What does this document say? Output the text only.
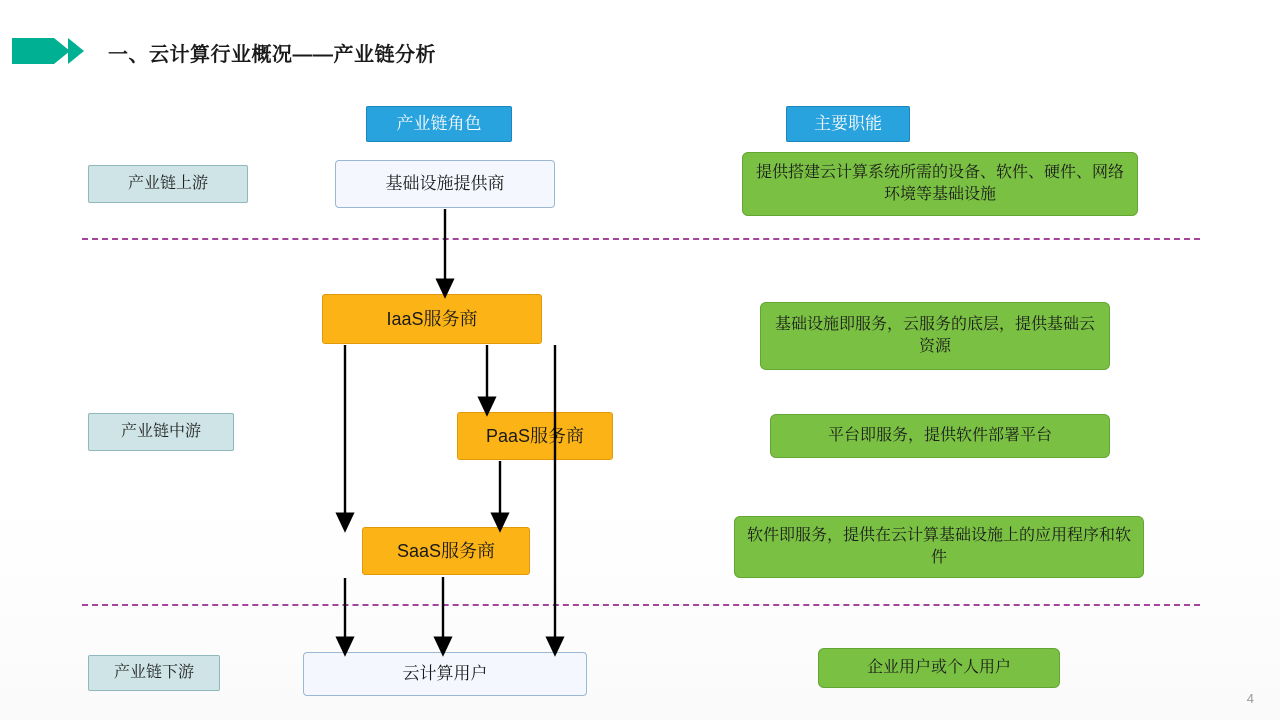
一、云计算行业概况——产业链分析
产业链角色	主要职能
产业链上游
产业链中游
产业链下游
基础设施提供商
IaaS服务商
PaaS服务商
SaaS服务商
云计算用户
提供搭建云计算系统所需的设备、软件、硬件、网络环境等基础设施
基础设施即服务，云服务的底层，提供基础云资源
平台即服务，提供软件部署平台
软件即服务，提供在云计算基础设施上的应用程序和软件
企业用户或个人用户
4
